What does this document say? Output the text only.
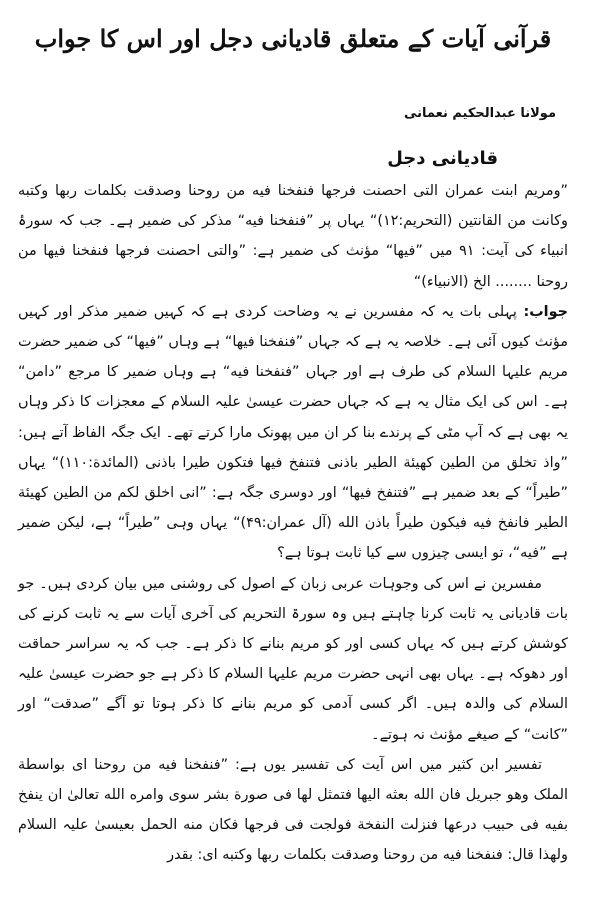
قرآنی آیات کے متعلق قادیانی دجل اور اس کا جواب
مولانا عبدالحکیم نعمانی
قادیانی دجل

”ومریم ابنت عمران التی احصنت فرجها فنفخنا فیه من روحنا وصدقت بکلمات ربها وکتبه وکانت من القانتین (التحریم:۱۲)“ یہاں پر ”فنفخنا فیه“ مذکر کی ضمیر ہے۔ جب کہ سورۂ انبیاء کی آیت: ۹۱ میں ”فیها“ مؤنث کی ضمیر ہے: ”والتی احصنت فرجها فنفخنا فیها من روحنا ........ الخ (الانبیاء)“

جواب: پہلی بات یہ کہ مفسرین نے یہ وضاحت کردی ہے کہ کہیں ضمیر مذکر اور کہیں مؤنث کیوں آئی ہے۔ خلاصہ یہ ہے کہ جہاں ”فنفخنا فیها“ ہے وہاں ”فیها“ کی ضمیر حضرت مریم علیہا السلام کی طرف ہے اور جہاں ”فنفخنا فیه“ ہے وہاں ضمیر کا مرجع ”دامن“ ہے۔ اس کی ایک مثال یہ ہے کہ جہاں حضرت عیسیٰ علیہ السلام کے معجزات کا ذکر وہاں یہ بھی ہے کہ آپ مٹی کے پرندے بنا کر ان میں پھونک مارا کرتے تھے۔ ایک جگہ الفاظ آتے ہیں: ”واذ تخلق من الطین کهیئة الطیر باذنی فتنفخ فیها فتکون طیرا باذنی (المائدة:۱۱۰)“ یہاں ”طیراً“ کے بعد ضمیر ہے ”فتنفخ فیها“ اور دوسری جگہ ہے: ”انی اخلق لکم من الطین کهیئة الطیر فانفخ فیه فیکون طیراً باذن الله (آل عمران:۴۹)“ یہاں وہی ”طیراً“ ہے، لیکن ضمیر ہے ”فیه“، تو ایسی چیزوں سے کیا ثابت ہوتا ہے؟

مفسرین نے اس کی وجوہات عربی زبان کے اصول کی روشنی میں بیان کردی ہیں۔ جو بات قادیانی یہ ثابت کرنا چاہتے ہیں وہ سورۃ التحریم کی آخری آیات سے یہ ثابت کرنے کی کوشش کرتے ہیں کہ یہاں کسی اور کو مریم بنانے کا ذکر ہے۔ جب کہ یہ سراسر حماقت اور دھوکہ ہے۔ یہاں بھی انہی حضرت مریم علیہا السلام کا ذکر ہے جو حضرت عیسیٰ علیہ السلام کی والدہ ہیں۔ اگر کسی آدمی کو مریم بنانے کا ذکر ہوتا تو آگے ”صدقت“ اور ”کانت“ کے صیغے مؤنث نہ ہوتے۔

تفسیر ابن کثیر میں اس آیت کی تفسیر یوں ہے: ”فنفخنا فیه من روحنا ای بواسطة الملک وهو جبریل فان الله بعثه الیها فتمثل لها فی صورة بشر سوی وامره الله تعالیٰ ان ینفخ بفیه فی حبیب درعها فنزلت النفخة فولجت فی فرجها فکان منه الحمل بعیسیٰ علیہ السلام ولهذا قال: فنفخنا فیه من روحنا وصدقت بکلمات ربها وکتبه ای: بقدر
